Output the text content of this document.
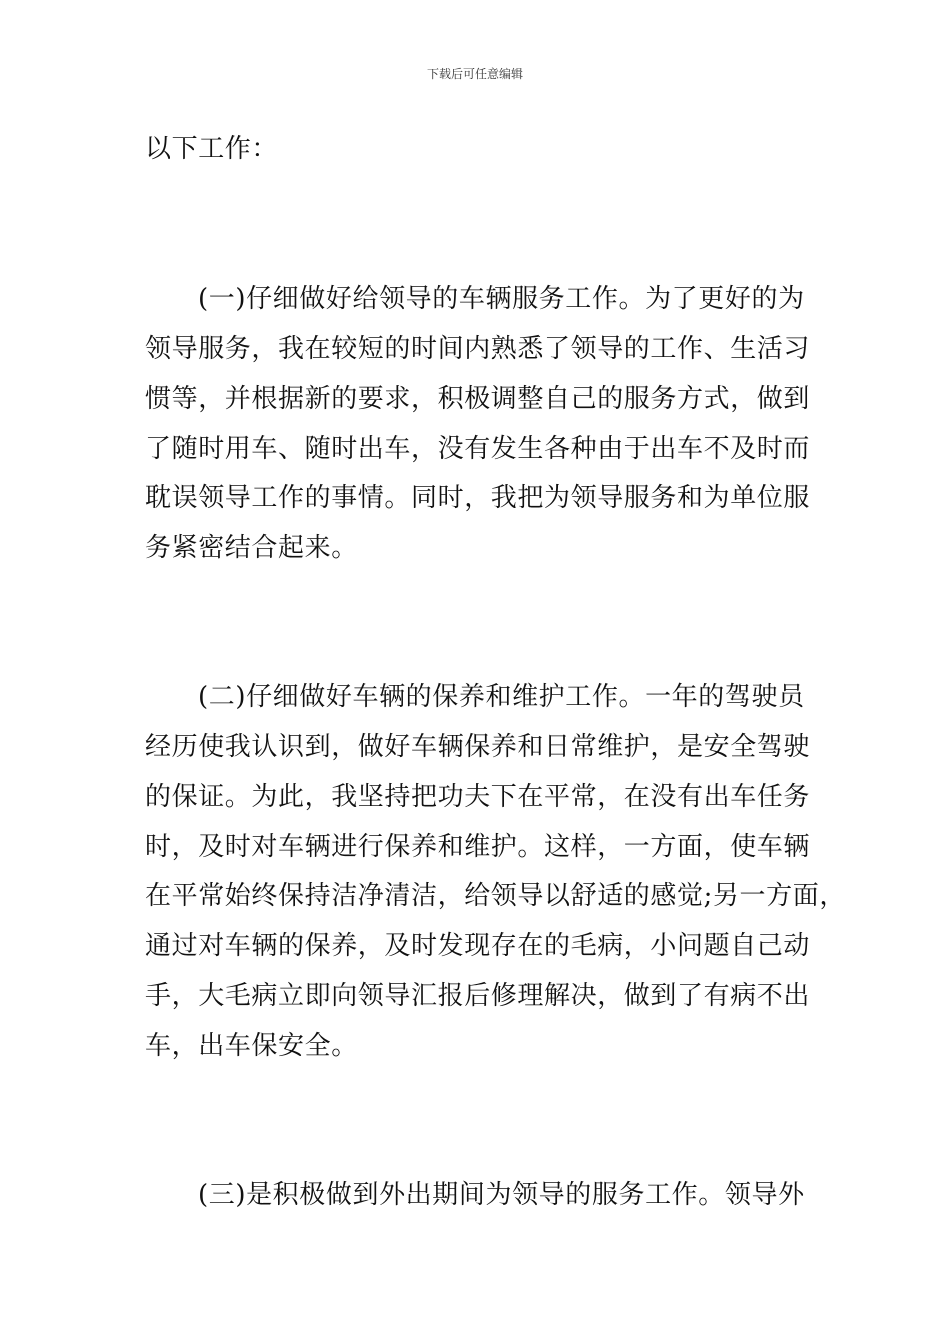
下载后可任意编辑
以下工作：
(一)仔细做好给领导的车辆服务工作。为了更好的为
领导服务，我在较短的时间内熟悉了领导的工作、生活习
惯等，并根据新的要求，积极调整自己的服务方式，做到
了随时用车、随时出车，没有发生各种由于出车不及时而
耽误领导工作的事情。同时，我把为领导服务和为单位服
务紧密结合起来。
(二)仔细做好车辆的保养和维护工作。一年的驾驶员
经历使我认识到，做好车辆保养和日常维护，是安全驾驶
的保证。为此，我坚持把功夫下在平常，在没有出车任务
时，及时对车辆进行保养和维护。这样，一方面，使车辆
在平常始终保持洁净清洁，给领导以舒适的感觉;另一方面，
通过对车辆的保养，及时发现存在的毛病，小问题自己动
手，大毛病立即向领导汇报后修理解决，做到了有病不出
车，出车保安全。
(三)是积极做到外出期间为领导的服务工作。领导外
